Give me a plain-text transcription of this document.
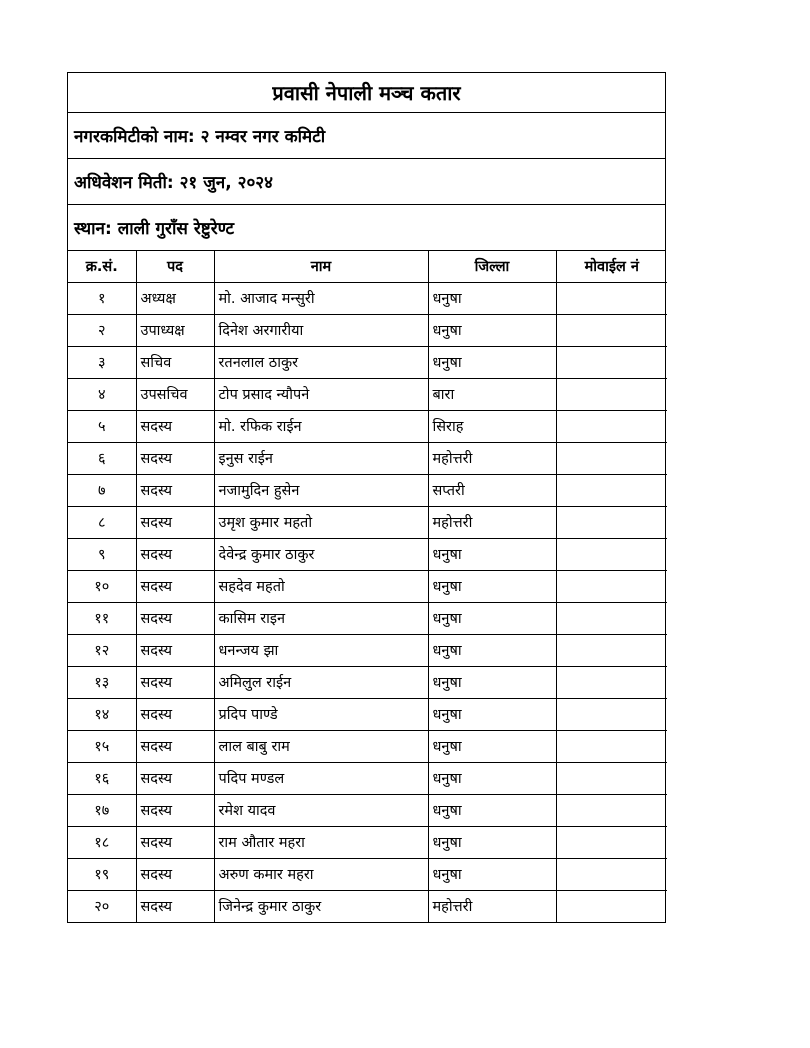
प्रवासी नेपाली मञ्च कतार
नगरकमिटीको नाम:
२ नम्वर नगर कमिटी
अधिवेशन मिती:
२१ जुन, २०२४
स्थान:
लाली गुराँस रेष्टुरेण्ट
क्र.सं.	पद	नाम	जिल्ला	मोवाईल नं
१	अध्यक्ष	मो. आजाद मन्सुरी	धनुषा	
२	उपाध्यक्ष	दिनेश अरगारीया	धनुषा	
३	सचिव	रतनलाल ठाकुर	धनुषा	
४	उपसचिव	टोप प्रसाद न्यौपने	बारा	
५	सदस्य	मो. रफिक राईन	सिराह	
६	सदस्य	इनुस राईन	महोत्तरी	
७	सदस्य	नजामुदिन हुसेन	सप्तरी	
८	सदस्य	उमृश कुमार महतो	महोत्तरी	
९	सदस्य	देवेन्द्र कुमार ठाकुर	धनुषा	
१०	सदस्य	सहदेव महतो	धनुषा	
११	सदस्य	कासिम राइन	धनुषा	
१२	सदस्य	धनन्जय झा	धनुषा	
१३	सदस्य	अमिलुल राईन	धनुषा	
१४	सदस्य	प्रदिप पाण्डे	धनुषा	
१५	सदस्य	लाल बाबु राम	धनुषा	
१६	सदस्य	पदिप मण्डल	धनुषा	
१७	सदस्य	रमेश यादव	धनुषा	
१८	सदस्य	राम औतार महरा	धनुषा	
१९	सदस्य	अरुण कमार महरा	धनुषा	
२०	सदस्य	जिनेन्द्र कुमार ठाकुर	महोत्तरी	
